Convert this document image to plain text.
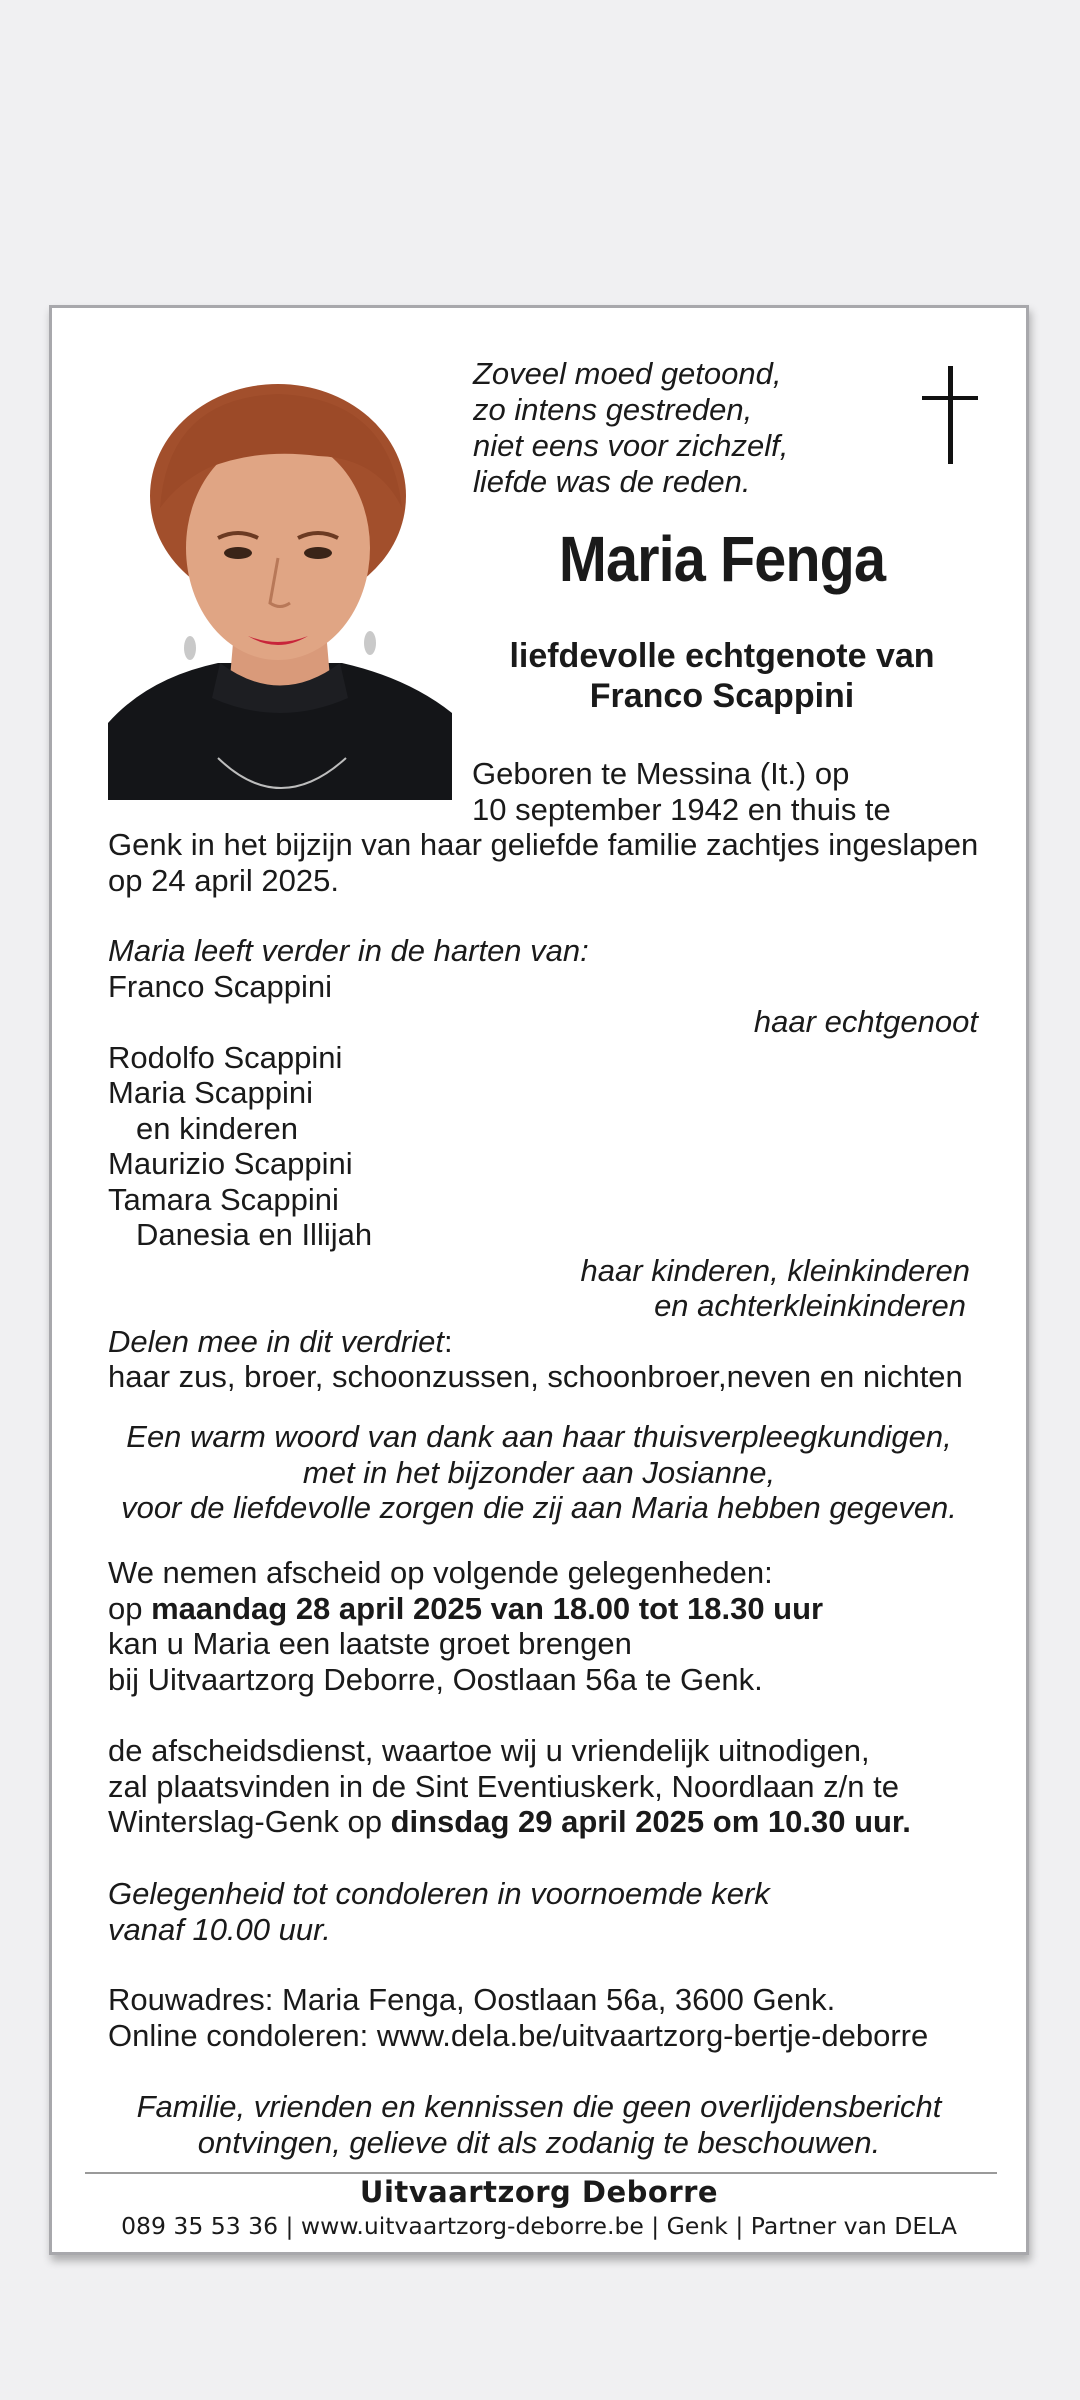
Zoveel moed getoond,
zo intens gestreden,
niet eens voor zichzelf,
liefde was de reden.
Maria Fenga
liefdevolle echtgenote van
Franco Scappini
Geboren te Messina (It.) op
10 september 1942 en thuis te
Genk in het bijzijn van haar geliefde familie zachtjes ingeslapen
op 24 april 2025.
Maria leeft verder in de harten van:
Franco Scappini
haar echtgenoot
Rodolfo Scappini
Maria Scappini
en kinderen
Maurizio Scappini
Tamara Scappini
Danesia en Illijah
haar kinderen, kleinkinderen
en achterkleinkinderen
Delen mee in dit verdriet:
haar zus, broer, schoonzussen, schoonbroer,neven en nichten
Een warm woord van dank aan haar thuisverpleegkundigen,
met in het bijzonder aan Josianne,
voor de liefdevolle zorgen die zij aan Maria hebben gegeven.
We nemen afscheid op volgende gelegenheden:
op maandag 28 april 2025 van 18.00 tot 18.30 uur
kan u Maria een laatste groet brengen
bij Uitvaartzorg Deborre, Oostlaan 56a te Genk.
de afscheidsdienst, waartoe wij u vriendelijk uitnodigen,
zal plaatsvinden in de Sint Eventiuskerk, Noordlaan z/n te
Winterslag-Genk op dinsdag 29 april 2025 om 10.30 uur.
Gelegenheid tot condoleren in voornoemde kerk
vanaf 10.00 uur.
Rouwadres: Maria Fenga, Oostlaan 56a, 3600 Genk.
Online condoleren: www.dela.be/uitvaartzorg-bertje-deborre
Familie, vrienden en kennissen die geen overlijdensbericht
ontvingen, gelieve dit als zodanig te beschouwen.
Uitvaartzorg Deborre
089 35 53 36 | www.uitvaartzorg-deborre.be | Genk | Partner van DELA
